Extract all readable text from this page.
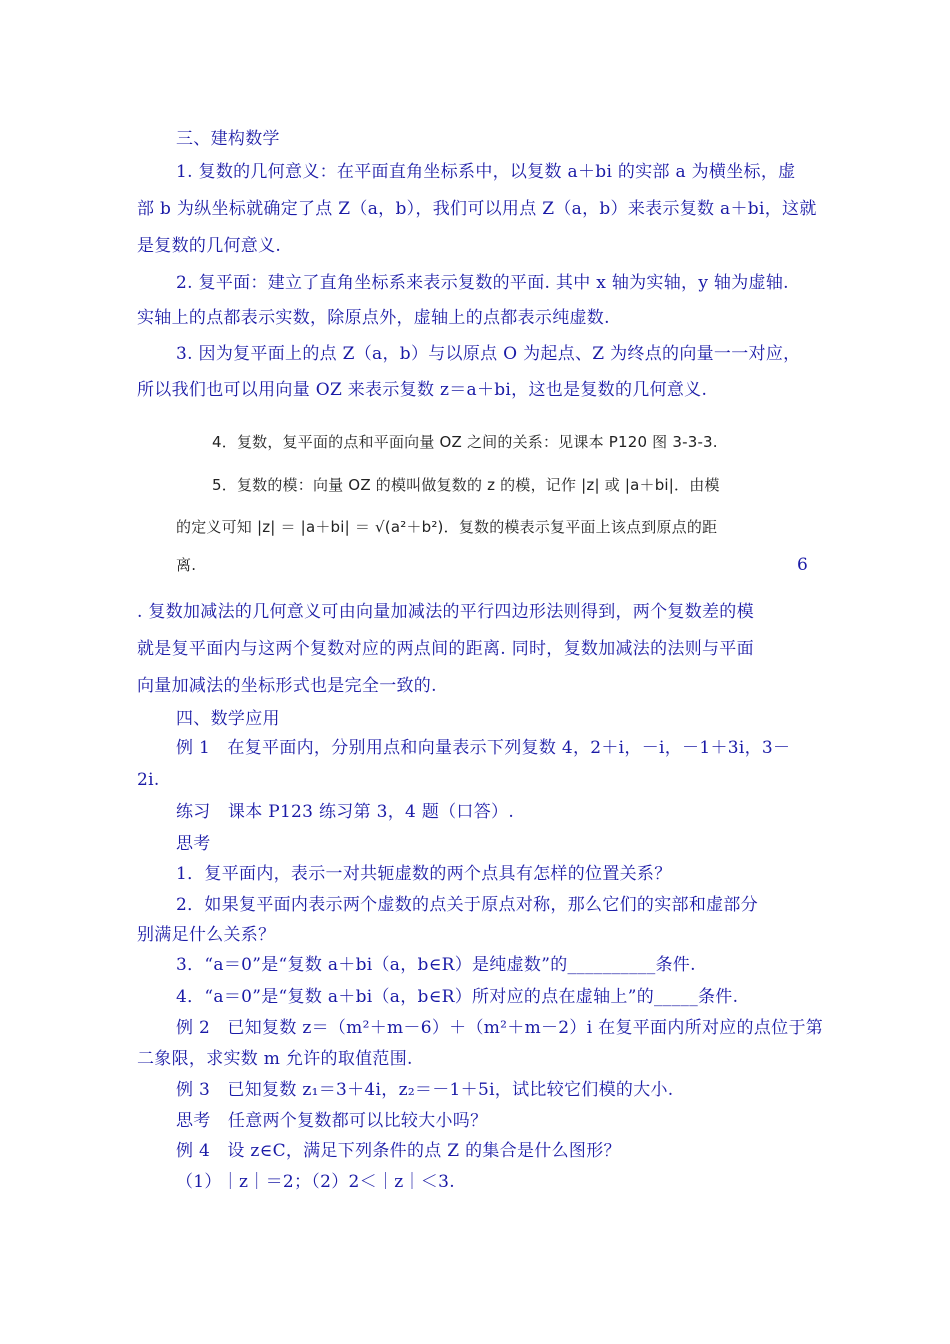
三、建构数学
1. 复数的几何意义：在平面直角坐标系中，以复数 a＋bi 的实部 a 为横坐标，虚
部 b 为纵坐标就确定了点 Z（a，b），我们可以用点 Z（a，b）来表示复数 a＋bi，这就
是复数的几何意义.
2. 复平面：建立了直角坐标系来表示复数的平面. 其中 x 轴为实轴，y 轴为虚轴.
实轴上的点都表示实数，除原点外，虚轴上的点都表示纯虚数.
3. 因为复平面上的点 Z（a，b）与以原点 O 为起点、Z 为终点的向量一一对应，
所以我们也可以用向量 OZ 来表示复数 z＝a＋bi，这也是复数的几何意义.
4．复数，复平面的点和平面向量 OZ 之间的关系：见课本 P120 图 3-3-3.
5．复数的模：向量 OZ 的模叫做复数的 z 的模，记作 |z| 或 |a＋bi|．由模
的定义可知 |z| ＝ |a＋bi| ＝ √(a²＋b²)．复数的模表示复平面上该点到原点的距
离.	6
. 复数加减法的几何意义可由向量加减法的平行四边形法则得到，两个复数差的模
就是复平面内与这两个复数对应的两点间的距离. 同时，复数加减法的法则与平面
向量加减法的坐标形式也是完全一致的.
四、数学应用
例 1　在复平面内，分别用点和向量表示下列复数 4，2＋i，－i，－1＋3i，3－
2i.
练习　课本 P123 练习第 3，4 题（口答）.
思考
1．复平面内，表示一对共轭虚数的两个点具有怎样的位置关系？
2．如果复平面内表示两个虚数的点关于原点对称，那么它们的实部和虚部分
别满足什么关系？
3．“a＝0”是“复数 a＋bi（a，b∈R）是纯虚数”的__________条件.
4．“a＝0”是“复数 a＋bi（a，b∈R）所对应的点在虚轴上”的_____条件.
例 2　已知复数 z＝（m²＋m－6）＋（m²＋m－2）i 在复平面内所对应的点位于第
二象限，求实数 m 允许的取值范围.
例 3　已知复数 z₁＝3＋4i，z₂＝－1＋5i，试比较它们模的大小.
思考　任意两个复数都可以比较大小吗？
例 4　设 z∈C，满足下列条件的点 Z 的集合是什么图形？
（1）｜z｜＝2；（2）2＜｜z｜＜3.
